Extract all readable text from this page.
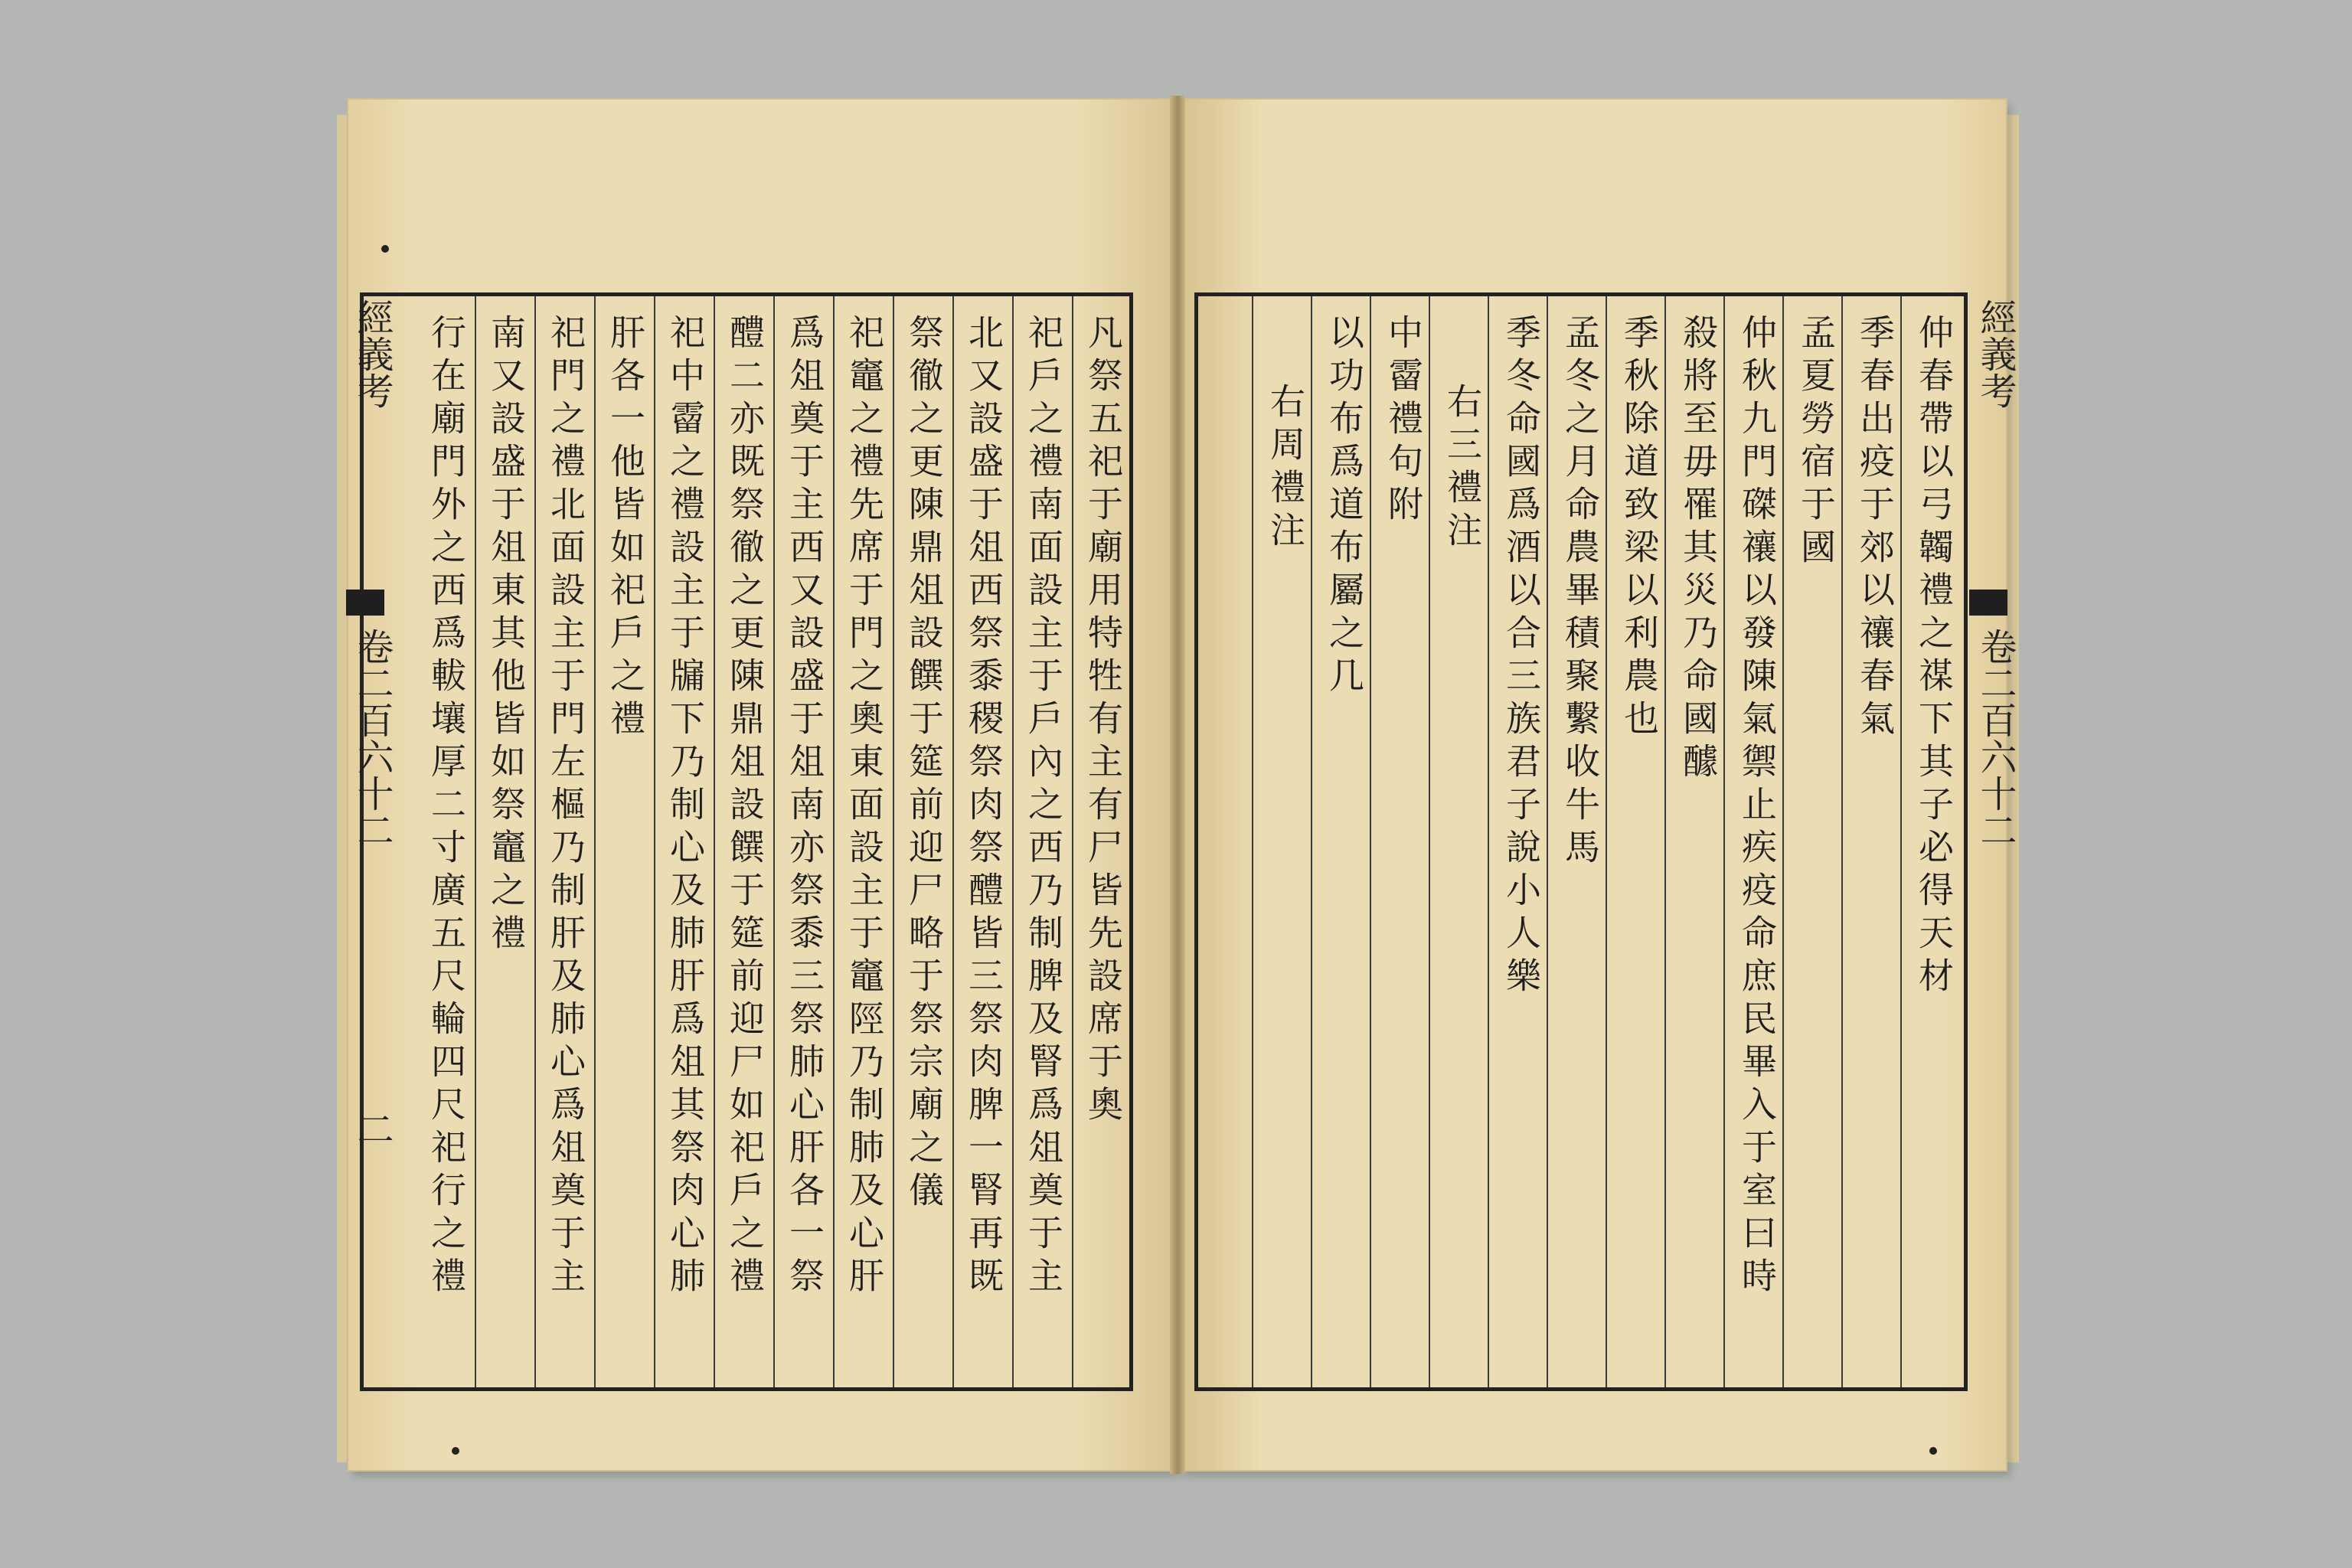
經義考
卷二百六十二
二	凡祭五祀于廟用特牲有主有尸皆先設席于奧
祀戶之禮南面設主于戶內之西乃制脾及腎爲俎奠于主
北又設盛于俎西祭黍稷祭肉祭醴皆三祭肉脾一腎再既
祭徹之更陳鼎俎設饌于筵前迎尸略于祭宗廟之儀
祀竈之禮先席于門之奧東面設主于竈陘乃制肺及心肝
爲俎奠于主西又設盛于俎南亦祭黍三祭肺心肝各一祭
醴二亦既祭徹之更陳鼎俎設饌于筵前迎尸如祀戶之禮
祀中霤之禮設主于牖下乃制心及肺肝爲俎其祭肉心肺
肝各一他皆如祀戶之禮
祀門之禮北面設主于門左樞乃制肝及肺心爲俎奠于主
南又設盛于俎東其他皆如祭竈之禮
行在廟門外之西爲軷壤厚二寸廣五尺輪四尺祀行之禮	經義考
卷二百六十二
仲春帶以弓韣禮之禖下其子必得天材
季春出疫于郊以禳春氣
孟夏勞宿于國
仲秋九門磔禳以發陳氣禦止疾疫命庶民畢入于室曰時
殺將至毋罹其災乃命國醵
季秋除道致梁以利農也
孟冬之月命農畢積聚繫收牛馬
季冬命國爲酒以合三族君子說小人樂
右三禮注
中霤禮句附
以功布爲道布屬之几
右周禮注
